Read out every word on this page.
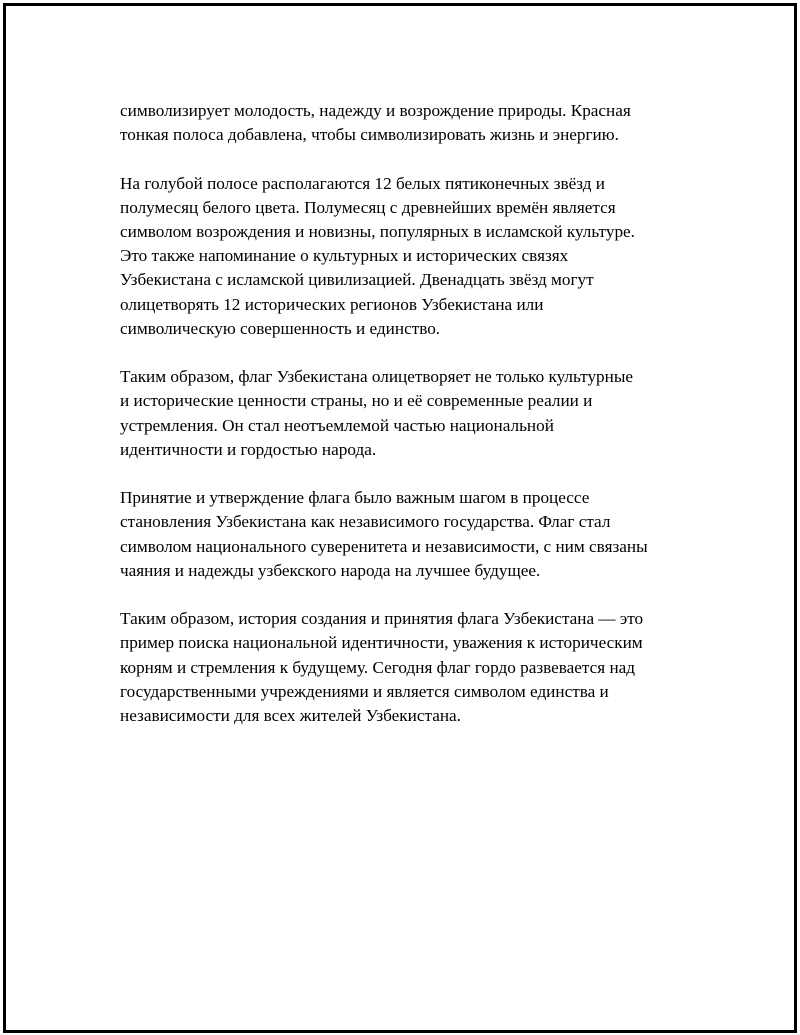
символизирует молодость, надежду и возрождение природы. Красная
тонкая полоса добавлена, чтобы символизировать жизнь и энергию.

На голубой полосе располагаются 12 белых пятиконечных звёзд и
полумесяц белого цвета. Полумесяц с древнейших времён является
символом возрождения и новизны, популярных в исламской культуре.
Это также напоминание о культурных и исторических связях
Узбекистана с исламской цивилизацией. Двенадцать звёзд могут
олицетворять 12 исторических регионов Узбекистана или
символическую совершенность и единство.

Таким образом, флаг Узбекистана олицетворяет не только культурные
и исторические ценности страны, но и её современные реалии и
устремления. Он стал неотъемлемой частью национальной
идентичности и гордостью народа.

Принятие и утверждение флага было важным шагом в процессе
становления Узбекистана как независимого государства. Флаг стал
символом национального суверенитета и независимости, с ним связаны
чаяния и надежды узбекского народа на лучшее будущее.

Таким образом, история создания и принятия флага Узбекистана — это
пример поиска национальной идентичности, уважения к историческим
корням и стремления к будущему. Сегодня флаг гордо развевается над
государственными учреждениями и является символом единства и
независимости для всех жителей Узбекистана.
